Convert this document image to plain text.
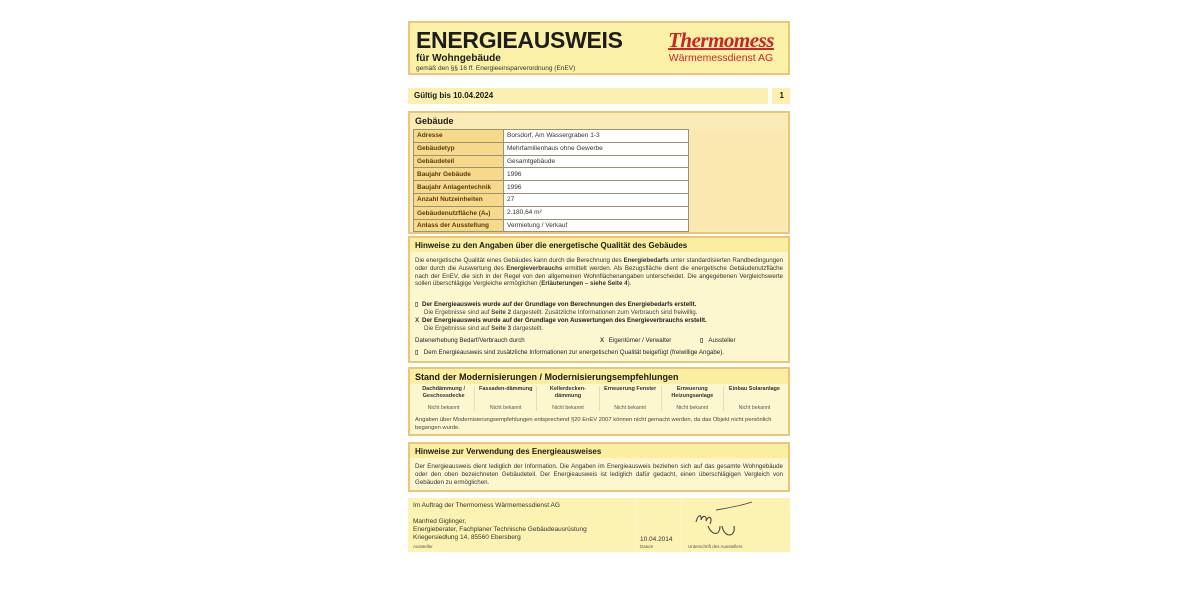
ENERGIEAUSWEIS
für Wohngebäude
gemäß den §§ 16 ff. Energieeinsparverordnung (EnEV)
Thermomess
Wärmemessdienst AG
Gültig bis 10.04.2024	1
Gebäude
Adresse	Borsdorf, Am Wassergraben 1-3
Gebäudetyp	Mehrfamilienhaus ohne Gewerbe
Gebäudeteil	Gesamtgebäude
Baujahr Gebäude	1996
Baujahr Anlagentechnik	1996
Anzahl Nutzeinheiten	27
Gebäudenutzfläche (Aₙ)	2.180,64 m²
Anlass der Ausstellung	Vermietung / Verkauf
Hinweise zu den Angaben über die energetische Qualität des Gebäudes
Die energetische Qualität eines Gebäudes kann durch die Berechnung des Energiebedarfs unter standardisierten Randbedingungen oder durch die Auswertung des Energieverbrauchs ermittelt werden. Als Bezugsfläche dient die energetische Gebäudenutzfläche nach der EnEV, die sich in der Regel von den allgemeinen Wohnflächenangaben unterscheidet. Die angegebenen Vergleichswerte sollen überschlägige Vergleiche ermöglichen (Erläuterungen – siehe Seite 4).
▯ Der Energieausweis wurde auf der Grundlage von Berechnungen des Energiebedarfs erstellt.
Die Ergebnisse sind auf Seite 2 dargestellt. Zusätzliche Informationen zum Verbrauch sind freiwillig.
X Der Energieausweis wurde auf der Grundlage von Auswertungen des Energieverbrauchs erstellt.
Die Ergebnisse sind auf Seite 3 dargestellt.
Datenerhebung Bedarf/Verbrauch durch	X Eigentümer / Verwalter	▯ Aussteller
▯ Dem Energieausweis sind zusätzliche Informationen zur energetischen Qualität beigefügt (freiwillige Angabe).
Stand der Modernisierungen / Modernisierungsempfehlungen
Dachdämmung / Geschossdecke
Nicht bekannt
Fassaden-dämmung
Nicht bekannt
Kellerdecken-dämmung
Nicht bekannt
Erneuerung Fenster
Nicht bekannt
Erneuerung Heizungsanlage
Nicht bekannt
Einbau Solaranlage
Nicht bekannt
Angaben über Modernisierungsempfehlungen entsprechend §20 EnEV 2007 können nicht gemacht werden, da das Objekt nicht persönlich begangen wurde.
Hinweise zur Verwendung des Energieausweises
Der Energieausweis dient lediglich der Information. Die Angaben im Energieausweis beziehen sich auf das gesamte Wohngebäude oder den oben bezeichneten Gebäudeteil. Der Energieausweis ist lediglich dafür gedacht, einen überschlägigen Vergleich von Gebäuden zu ermöglichen.
Im Auftrag der Thermomess Wärmemessdienst AG
Manfred Giglinger,
Energieberater, Fachplaner Technische Gebäudeausrüstung
Kriegersiedlung 14, 85560 Ebersberg
Aussteller
10.04.2014
Datum	Unterschrift des Ausstellers
